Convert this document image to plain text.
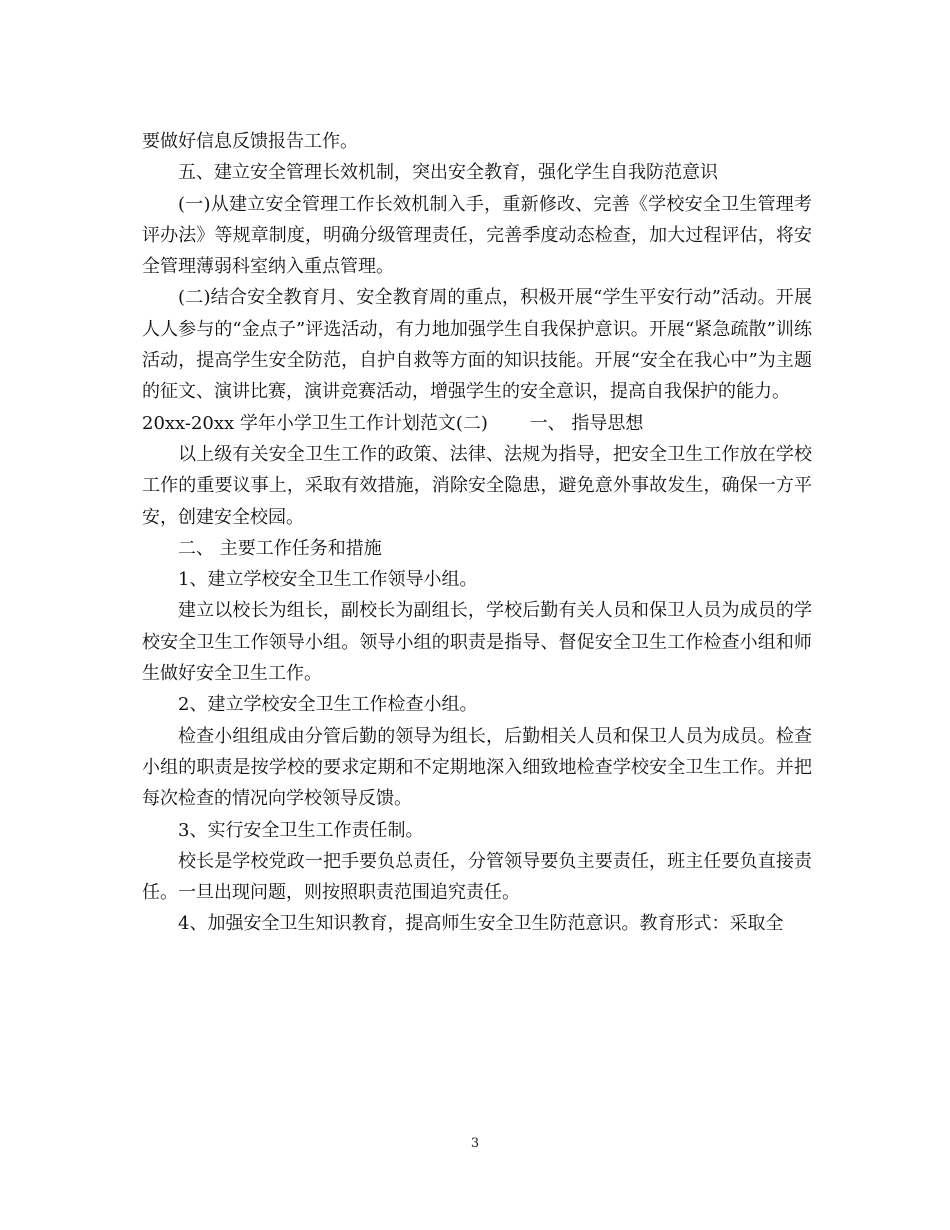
要做好信息反馈报告工作。

五、建立安全管理长效机制，突出安全教育，强化学生自我防范意识

(一)从建立安全管理工作长效机制入手，重新修改、完善《学校安全卫生管理考评办法》等规章制度，明确分级管理责任，完善季度动态检查，加大过程评估，将安全管理薄弱科室纳入重点管理。

(二)结合安全教育月、安全教育周的重点，积极开展“学生平安行动”活动。开展人人参与的“金点子”评选活动，有力地加强学生自我保护意识。开展“紧急疏散”训练活动，提高学生安全防范，自护自救等方面的知识技能。开展“安全在我心中”为主题的征文、演讲比赛，演讲竞赛活动，增强学生的安全意识，提高自我保护的能力。

20xx-20xx 学年小学卫生工作计划范文(二)　　 一、 指导思想

以上级有关安全卫生工作的政策、法律、法规为指导，把安全卫生工作放在学校工作的重要议事上，采取有效措施，消除安全隐患，避免意外事故发生，确保一方平安，创建安全校园。

二、 主要工作任务和措施

1、建立学校安全卫生工作领导小组。

建立以校长为组长，副校长为副组长，学校后勤有关人员和保卫人员为成员的学校安全卫生工作领导小组。领导小组的职责是指导、督促安全卫生工作检查小组和师生做好安全卫生工作。

2、建立学校安全卫生工作检查小组。

检查小组组成由分管后勤的领导为组长，后勤相关人员和保卫人员为成员。检查小组的职责是按学校的要求定期和不定期地深入细致地检查学校安全卫生工作。并把每次检查的情况向学校领导反馈。

3、实行安全卫生工作责任制。

校长是学校党政一把手要负总责任，分管领导要负主要责任，班主任要负直接责任。一旦出现问题，则按照职责范围追究责任。

4、加强安全卫生知识教育，提高师生安全卫生防范意识。教育形式：采取全

3
